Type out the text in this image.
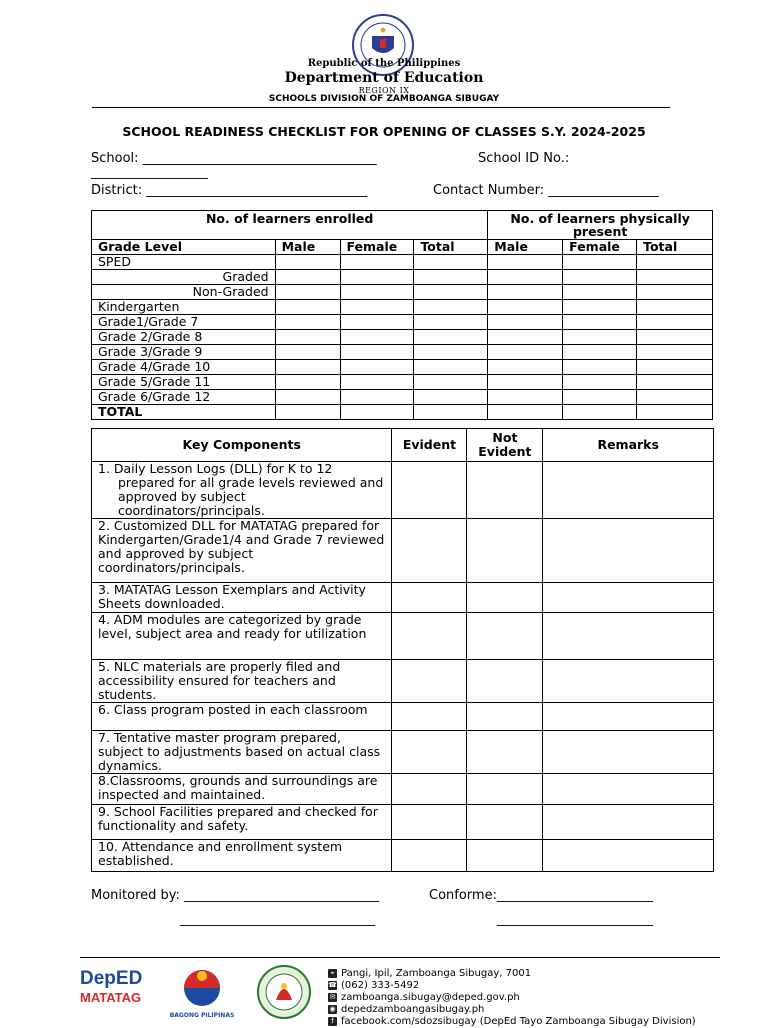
Republic of the Philippines
Department of Education
REGION IX
SCHOOLS DIVISION OF ZAMBOANGA SIBUGAY
SCHOOL READINESS CHECKLIST FOR OPENING OF CLASSES S.Y. 2024-2025
School: ____________________________________	School ID No.:
__________________
District: __________________________________	Contact Number: _________________
No. of learners enrolled				No. of learners physically present		
Grade Level	Male	Female	Total	Male	Female	Total
SPED						
Graded						
Non-Graded						
Kindergarten						
Grade1/Grade 7						
Grade 2/Grade 8						
Grade 3/Grade 9						
Grade 4/Grade 10						
Grade 5/Grade 11						
Grade 6/Grade 12						
TOTAL						
Key Components	Evident	Not Evident	Remarks
1. Daily Lesson Logs (DLL) for K to 12 prepared for all grade levels reviewed and approved by subject coordinators/principals.			
2. Customized DLL for MATATAG prepared for Kindergarten/Grade1/4 and Grade 7 reviewed and approved by subject coordinators/principals.			
3. MATATAG Lesson Exemplars and Activity Sheets downloaded.			
4. ADM modules are categorized by grade level, subject area and ready for utilization			
5. NLC materials are properly filed and accessibility ensured for teachers and students.			
6. Class program posted in each classroom			
7. Tentative master program prepared, subject to adjustments based on actual class dynamics.			
8.Classrooms, grounds and surroundings are inspected and maintained.			
9. School Facilities prepared and checked for functionality and safety.			
10. Attendance and enrollment system established.			
Monitored by: ______________________________	Conforme:________________________
______________________________	________________________
DepED
MATATAG
BAGONG PILIPINAS
⌖ Pangi, Ipil, Zamboanga Sibugay, 7001
☎ (062) 333-5492
✉ zamboanga.sibugay@deped.gov.ph
◉ depedzamboangasibugay.ph
f facebook.com/sdozsibugay (DepEd Tayo Zamboanga Sibugay Division)
